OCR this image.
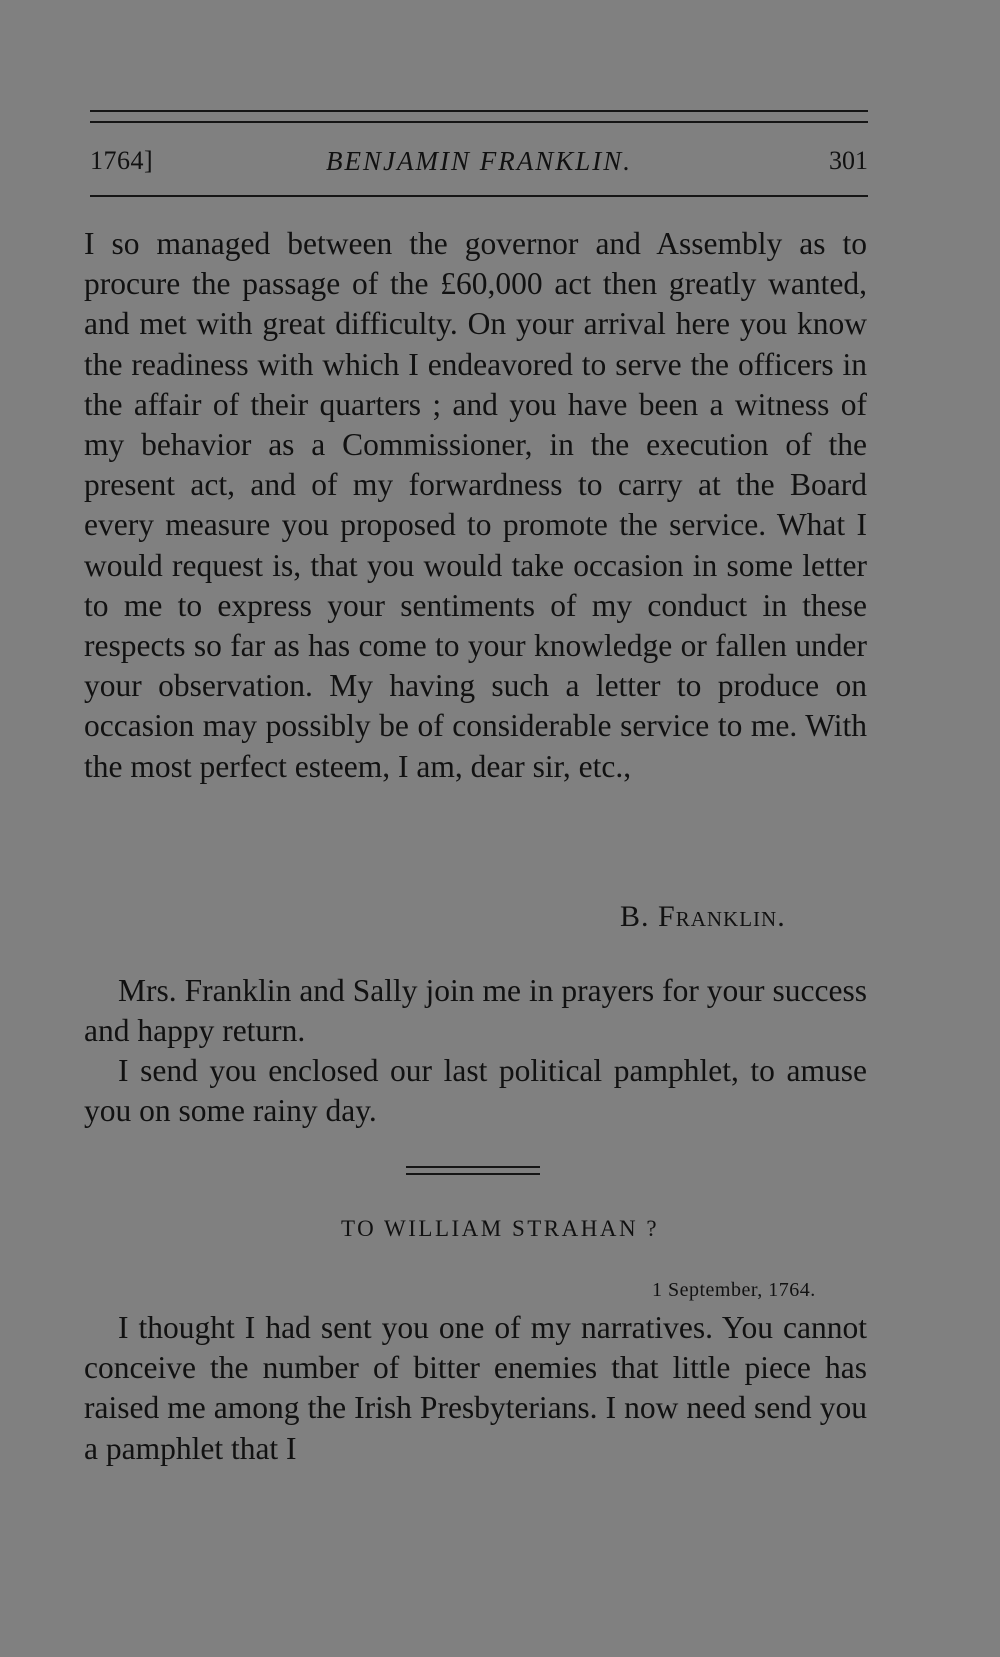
1764]	BENJAMIN FRANKLIN.	301

I so managed between the governor and Assembly as to procure the passage of the £60,000 act then greatly wanted, and met with great difficulty. On your arrival here you know the readiness with which I endeavored to serve the officers in the affair of their quarters ; and you have been a witness of my behavior as a Commissioner, in the execution of the present act, and of my forwardness to carry at the Board every measure you proposed to promote the service. What I would request is, that you would take occasion in some letter to me to express your sentiments of my conduct in these respects so far as has come to your knowledge or fallen under your observation. My having such a letter to produce on occasion may possibly be of considerable service to me. With the most perfect esteem, I am, dear sir, etc.,

B. Franklin.

Mrs. Franklin and Sally join me in prayers for your success and happy return.

I send you enclosed our last political pamphlet, to amuse you on some rainy day.

TO WILLIAM STRAHAN ?
1 September, 1764.

I thought I had sent you one of my narratives. You cannot conceive the number of bitter enemies that little piece has raised me among the Irish Presbyterians. I now need send you a pamphlet that I
